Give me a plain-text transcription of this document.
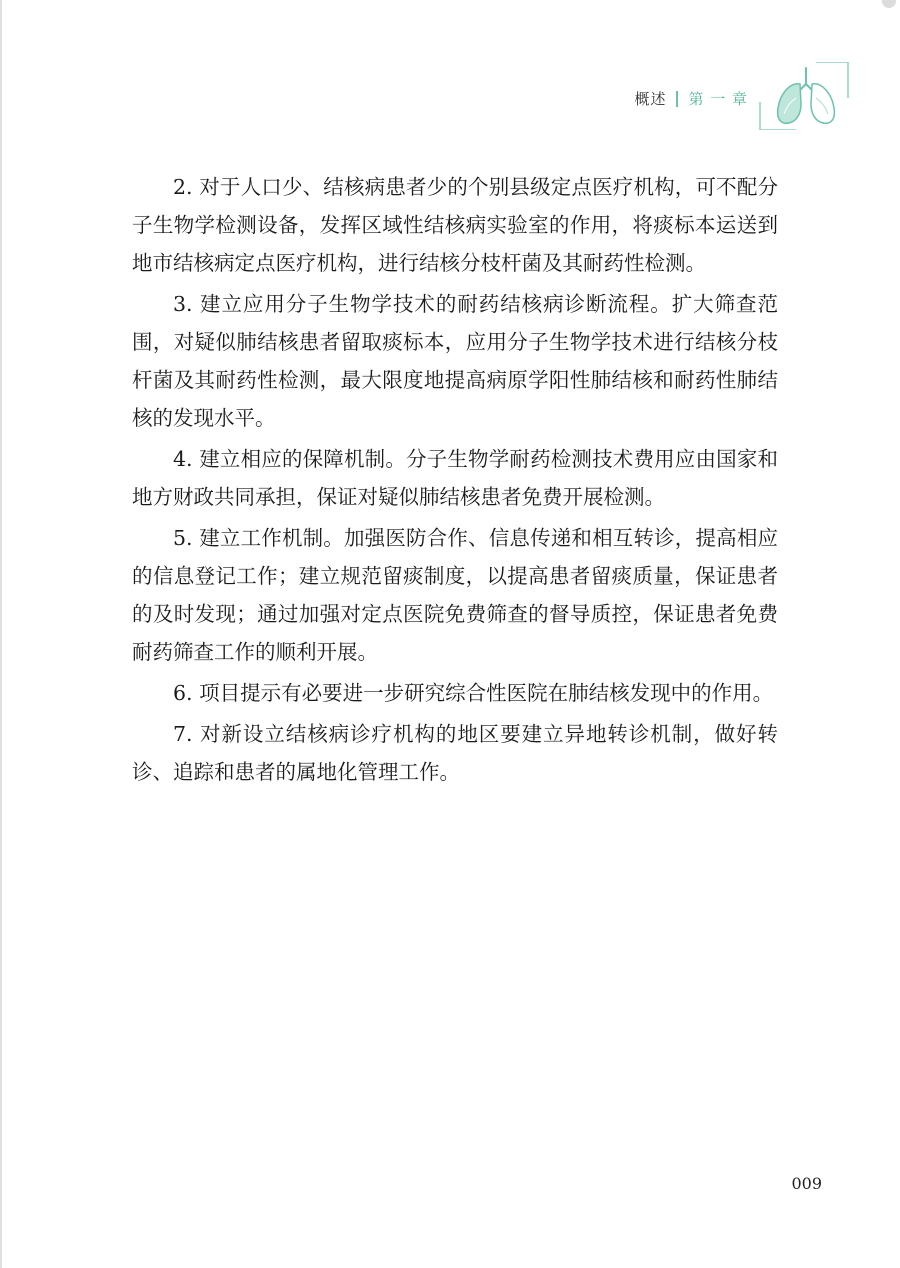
概述 第 一 章

2. 对于人口少、结核病患者少的个别县级定点医疗机构，可不配分子生物学检测设备，发挥区域性结核病实验室的作用，将痰标本运送到地市结核病定点医疗机构，进行结核分枝杆菌及其耐药性检测。

3. 建立应用分子生物学技术的耐药结核病诊断流程。扩大筛查范围，对疑似肺结核患者留取痰标本，应用分子生物学技术进行结核分枝杆菌及其耐药性检测，最大限度地提高病原学阳性肺结核和耐药性肺结核的发现水平。

4. 建立相应的保障机制。分子生物学耐药检测技术费用应由国家和地方财政共同承担，保证对疑似肺结核患者免费开展检测。

5. 建立工作机制。加强医防合作、信息传递和相互转诊，提高相应的信息登记工作；建立规范留痰制度，以提高患者留痰质量，保证患者的及时发现；通过加强对定点医院免费筛查的督导质控，保证患者免费耐药筛查工作的顺利开展。

6. 项目提示有必要进一步研究综合性医院在肺结核发现中的作用。

7. 对新设立结核病诊疗机构的地区要建立异地转诊机制，做好转诊、追踪和患者的属地化管理工作。

009
